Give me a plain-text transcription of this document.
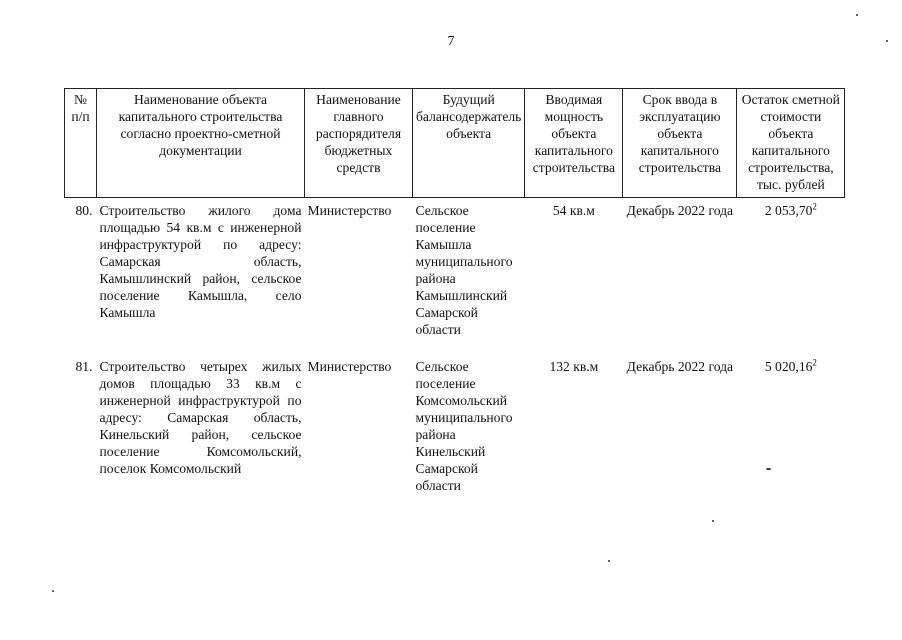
7
№ п/п	Наименование объекта капитального строительства согласно проектно-сметной документации	Наименование главного распорядителя бюджетных средств	Будущий балансодержатель объекта	Вводимая мощность объекта капитального строительства	Срок ввода в эксплуатацию объекта капитального строительства	Остаток сметной стоимости объекта капитального строительства, тыс. рублей
80.	Строительство жилого дома площадью 54 кв.м с инженерной инфраструктурой по адресу: Самарская область, Камышлинский район, сельское поселение Камышла, село Камышла	Министерство	Сельское поселение Камышла муниципального района Камышлинский Самарской области	54 кв.м	Декабрь 2022 года	2 053,70$^2$
81.	Строительство четырех жилых домов площадью 33 кв.м с инженерной инфраструктурой по адресу: Самарская область, Кинельский район, сельское поселение Комсомольский, поселок Комсомольский	Министерство	Сельское поселение Комсомольский муниципального района Кинельский Самарской области	132 кв.м	Декабрь 2022 года	5 020,16$^2$
